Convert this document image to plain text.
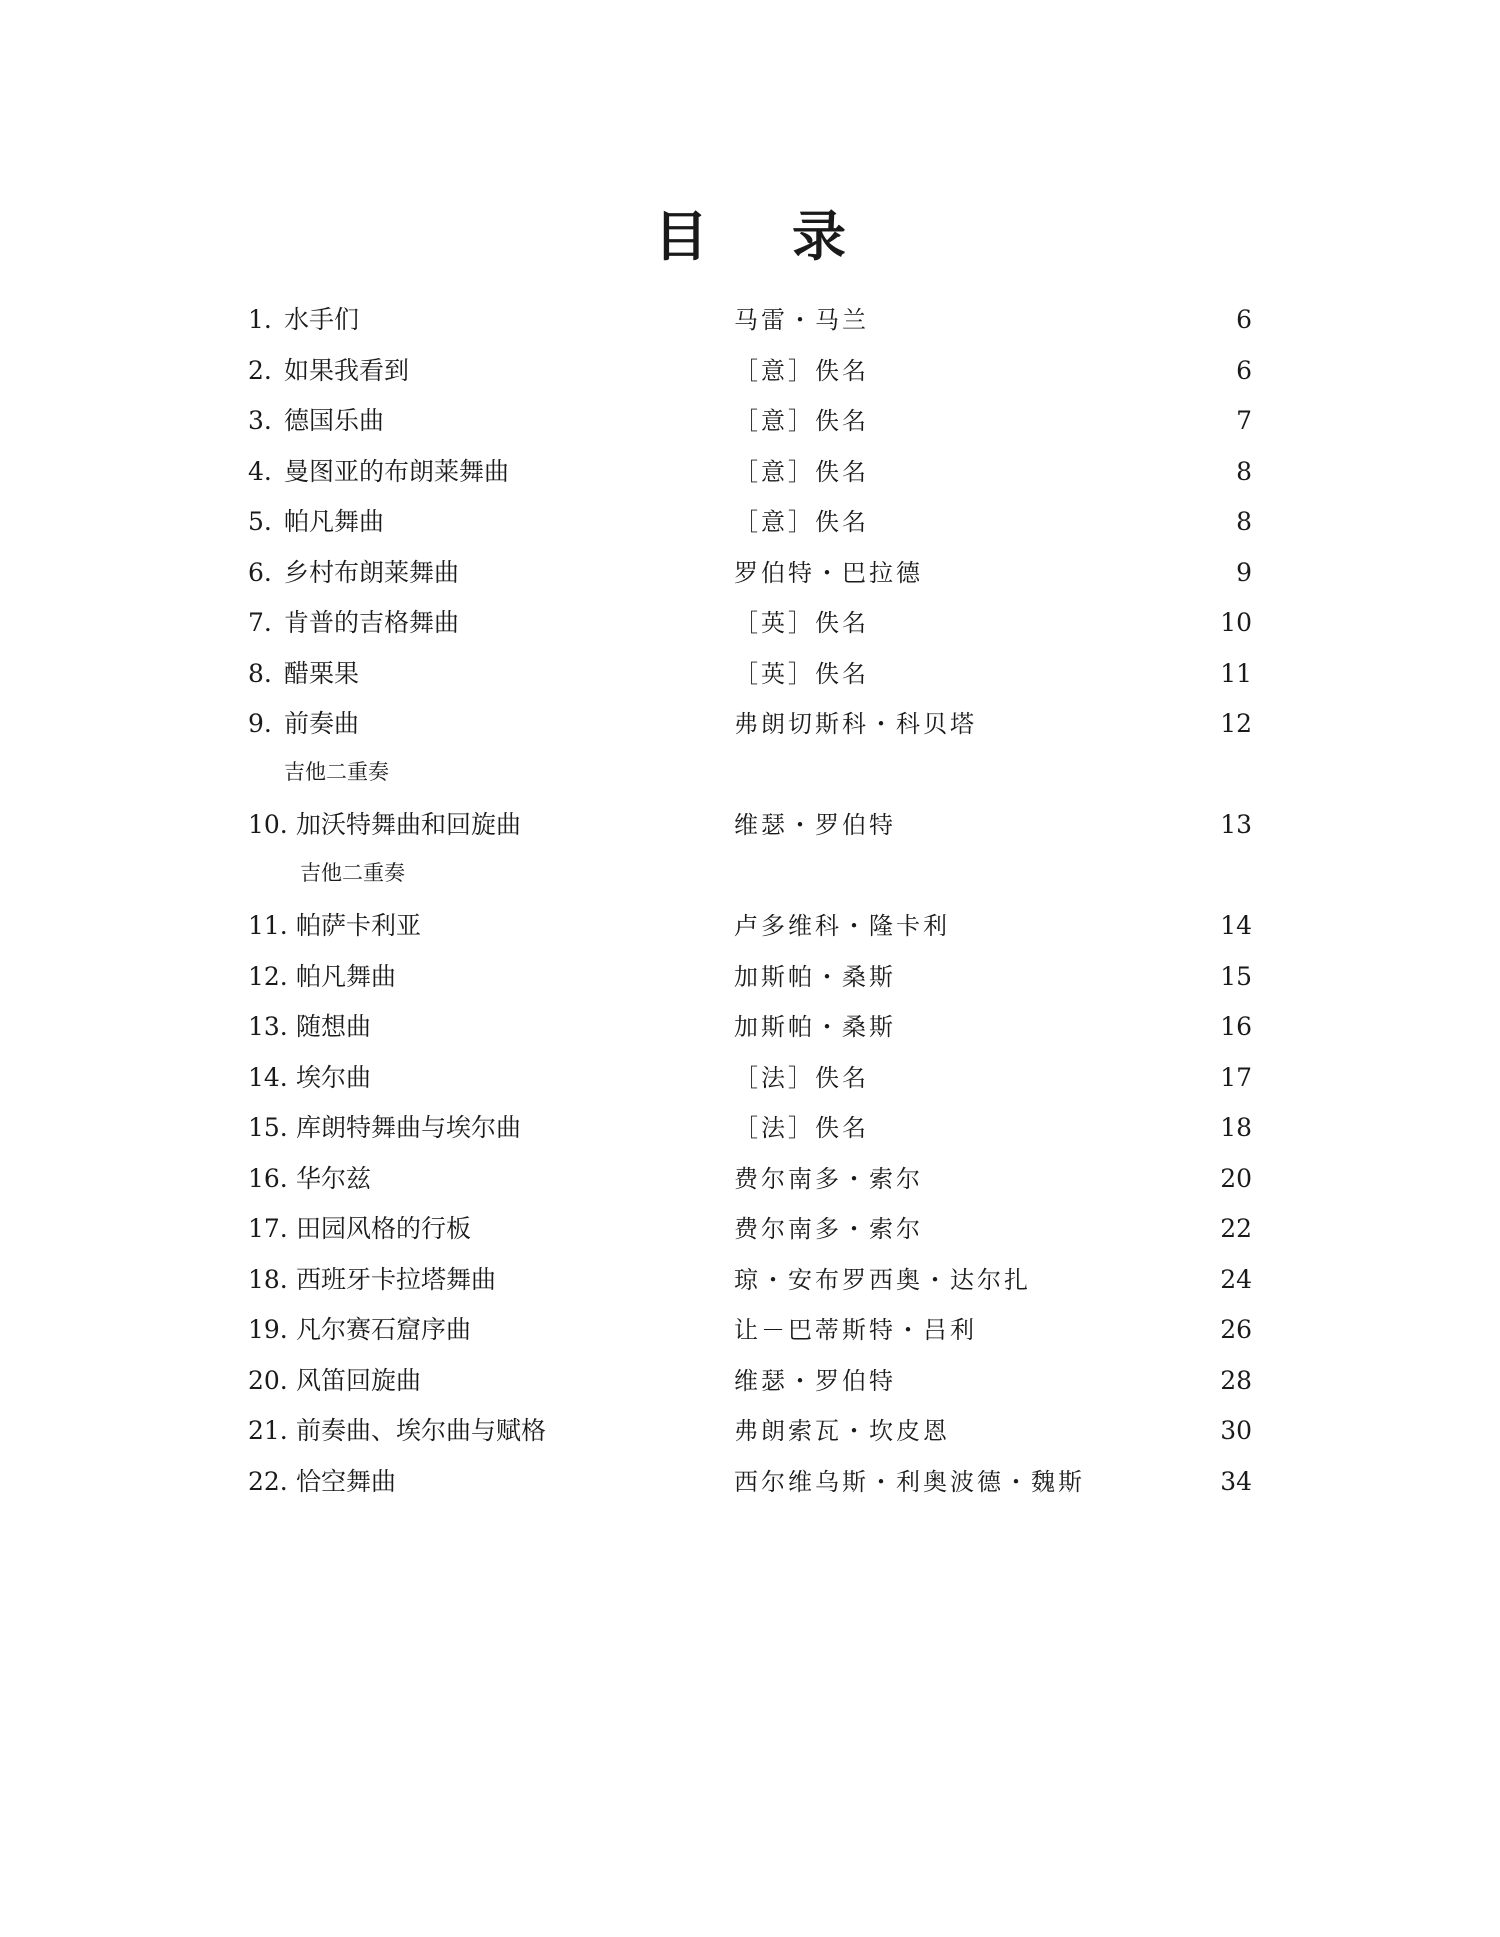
目 录
1. 水手们	马雷・马兰	6
2. 如果我看到	［意］佚名	6
3. 德国乐曲	［意］佚名	7
4. 曼图亚的布朗莱舞曲	［意］佚名	8
5. 帕凡舞曲	［意］佚名	8
6. 乡村布朗莱舞曲	罗伯特・巴拉德	9
7. 肯普的吉格舞曲	［英］佚名	10
8. 醋栗果	［英］佚名	11
9. 前奏曲	弗朗切斯科・科贝塔	12
吉他二重奏
10. 加沃特舞曲和回旋曲	维瑟・罗伯特	13
吉他二重奏
11. 帕萨卡利亚	卢多维科・隆卡利	14
12. 帕凡舞曲	加斯帕・桑斯	15
13. 随想曲	加斯帕・桑斯	16
14. 埃尔曲	［法］佚名	17
15. 库朗特舞曲与埃尔曲	［法］佚名	18
16. 华尔兹	费尔南多・索尔	20
17. 田园风格的行板	费尔南多・索尔	22
18. 西班牙卡拉塔舞曲	琼・安布罗西奥・达尔扎	24
19. 凡尔赛石窟序曲	让－巴蒂斯特・吕利	26
20. 风笛回旋曲	维瑟・罗伯特	28
21. 前奏曲、埃尔曲与赋格	弗朗索瓦・坎皮恩	30
22. 恰空舞曲	西尔维乌斯・利奥波德・魏斯	34
